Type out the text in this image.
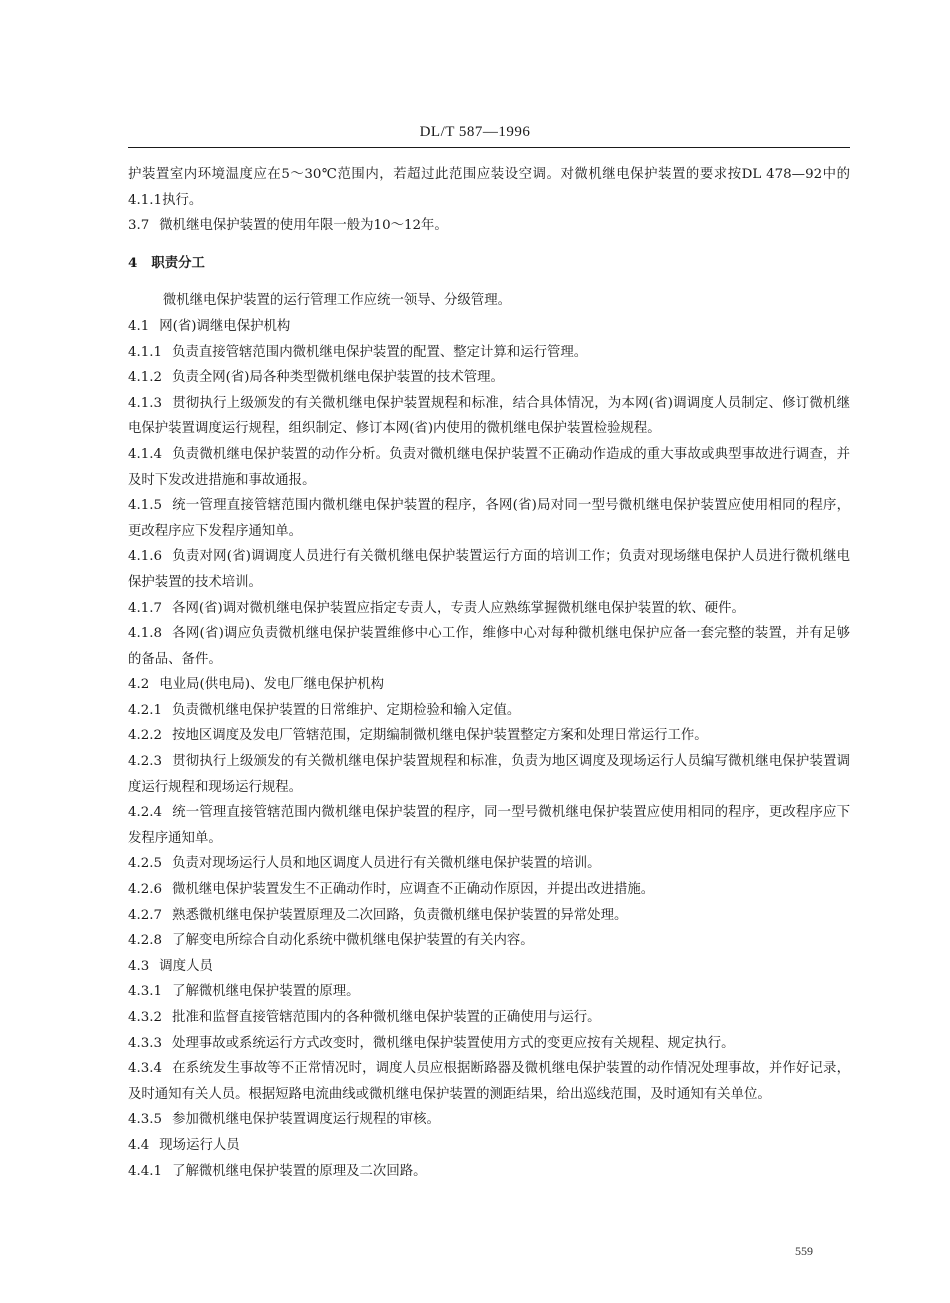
DL/T 587—1996

护装置室内环境温度应在5～30℃范围内，若超过此范围应装设空调。对微机继电保护装置的要求按DL 478—92中的4.1.1执行。

3.7 微机继电保护装置的使用年限一般为10～12年。

4 职责分工

微机继电保护装置的运行管理工作应统一领导、分级管理。

4.1 网(省)调继电保护机构

4.1.1 负责直接管辖范围内微机继电保护装置的配置、整定计算和运行管理。

4.1.2 负责全网(省)局各种类型微机继电保护装置的技术管理。

4.1.3 贯彻执行上级颁发的有关微机继电保护装置规程和标准，结合具体情况，为本网(省)调调度人员制定、修订微机继电保护装置调度运行规程，组织制定、修订本网(省)内使用的微机继电保护装置检验规程。

4.1.4 负责微机继电保护装置的动作分析。负责对微机继电保护装置不正确动作造成的重大事故或典型事故进行调查，并及时下发改进措施和事故通报。

4.1.5 统一管理直接管辖范围内微机继电保护装置的程序，各网(省)局对同一型号微机继电保护装置应使用相同的程序，更改程序应下发程序通知单。

4.1.6 负责对网(省)调调度人员进行有关微机继电保护装置运行方面的培训工作；负责对现场继电保护人员进行微机继电保护装置的技术培训。

4.1.7 各网(省)调对微机继电保护装置应指定专责人，专责人应熟练掌握微机继电保护装置的软、硬件。

4.1.8 各网(省)调应负责微机继电保护装置维修中心工作，维修中心对每种微机继电保护应备一套完整的装置，并有足够的备品、备件。

4.2 电业局(供电局)、发电厂继电保护机构

4.2.1 负责微机继电保护装置的日常维护、定期检验和输入定值。

4.2.2 按地区调度及发电厂管辖范围，定期编制微机继电保护装置整定方案和处理日常运行工作。

4.2.3 贯彻执行上级颁发的有关微机继电保护装置规程和标准，负责为地区调度及现场运行人员编写微机继电保护装置调度运行规程和现场运行规程。

4.2.4 统一管理直接管辖范围内微机继电保护装置的程序，同一型号微机继电保护装置应使用相同的程序，更改程序应下发程序通知单。

4.2.5 负责对现场运行人员和地区调度人员进行有关微机继电保护装置的培训。

4.2.6 微机继电保护装置发生不正确动作时，应调查不正确动作原因，并提出改进措施。

4.2.7 熟悉微机继电保护装置原理及二次回路，负责微机继电保护装置的异常处理。

4.2.8 了解变电所综合自动化系统中微机继电保护装置的有关内容。

4.3 调度人员

4.3.1 了解微机继电保护装置的原理。

4.3.2 批准和监督直接管辖范围内的各种微机继电保护装置的正确使用与运行。

4.3.3 处理事故或系统运行方式改变时，微机继电保护装置使用方式的变更应按有关规程、规定执行。

4.3.4 在系统发生事故等不正常情况时，调度人员应根据断路器及微机继电保护装置的动作情况处理事故，并作好记录，及时通知有关人员。根据短路电流曲线或微机继电保护装置的测距结果，给出巡线范围，及时通知有关单位。

4.3.5 参加微机继电保护装置调度运行规程的审核。

4.4 现场运行人员

4.4.1 了解微机继电保护装置的原理及二次回路。

559
